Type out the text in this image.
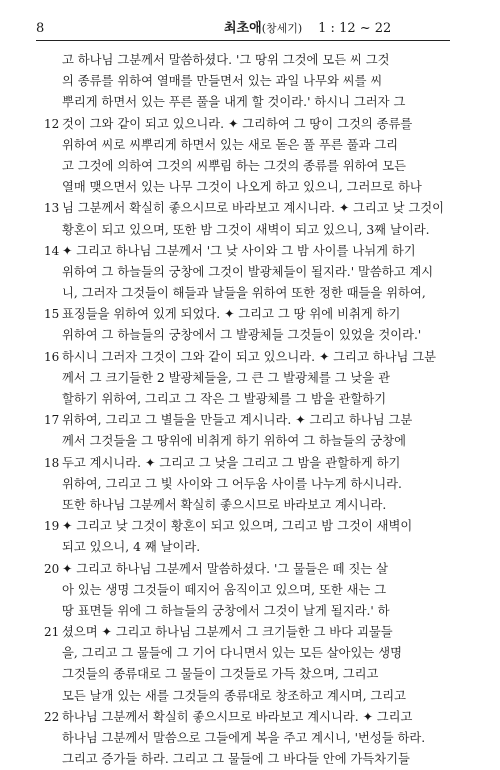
8	최초애(창세기) 1 : 12 ~ 22
고 하나님 그분께서 말씀하셨다. '그 땅위 그것에 모든 씨 그것
의 종류를 위하여 열매를 만들면서 있는 과일 나무와 씨를 씨
뿌리게 하면서 있는 푸른 풀을 내게 할 것이라.' 하시니 그러자 그
12 것이 그와 같이 되고 있으니라. ✦ 그리하여 그 땅이 그것의 종류를
위하여 씨로 씨뿌리게 하면서 있는 새로 돋은 풀 푸른 풀과 그리
고 그것에 의하여 그것의 씨뿌림 하는 그것의 종류를 위하여 모든
열매 맺으면서 있는 나무 그것이 나오게 하고 있으니, 그러므로 하나
13 님 그분께서 확실히 좋으시므로 바라보고 계시니라. ✦ 그리고 낮 그것이
황혼이 되고 있으며, 또한 밤 그것이 새벽이 되고 있으니, 3째 날이라.
14 ✦ 그리고 하나님 그분께서 '그 낮 사이와 그 밤 사이를 나뉘게 하기
위하여 그 하늘들의 궁창에 그것이 발광체들이 될지라.' 말씀하고 계시
니, 그러자 그것들이 해들과 날들을 위하여 또한 정한 때들을 위하여,
15 표징들을 위하여 있게 되었다. ✦ 그리고 그 땅 위에 비취게 하기
위하여 그 하늘들의 궁창에서 그 발광체들 그것들이 있었을 것이라.'
16 하시니 그러자 그것이 그와 같이 되고 있으니라. ✦ 그리고 하나님 그분
께서 그 크기들한 2 발광체들을, 그 큰 그 발광체를 그 낮을 관
할하기 위하여, 그리고 그 작은 그 발광체를 그 밤을 관할하기
17 위하여, 그리고 그 별들을 만들고 계시니라. ✦ 그리고 하나님 그분
께서 그것들을 그 땅위에 비취게 하기 위하여 그 하늘들의 궁창에
18 두고 계시니라. ✦ 그리고 그 낮을 그리고 그 밤을 관할하게 하기
위하여, 그리고 그 빛 사이와 그 어두움 사이를 나누게 하시니라.
또한 하나님 그분께서 확실히 좋으시므로 바라보고 계시니라.
19 ✦ 그리고 낮 그것이 황혼이 되고 있으며, 그리고 밤 그것이 새벽이
되고 있으니, 4 째 날이라.
20 ✦ 그리고 하나님 그분께서 말씀하셨다. '그 물들은 떼 짓는 살
아 있는 생명 그것들이 떼지어 움직이고 있으며, 또한 새는 그
땅 표면들 위에 그 하늘들의 궁창에서 그것이 날게 될지라.' 하
21 셨으며 ✦ 그리고 하나님 그분께서 그 크기들한 그 바다 괴물들
을, 그리고 그 물들에 그 기어 다니면서 있는 모든 살아있는 생명
그것들의 종류대로 그 물들이 그것들로 가득 찼으며, 그리고
모든 날개 있는 새를 그것들의 종류대로 창조하고 계시며, 그리고
22 하나님 그분께서 확실히 좋으시므로 바라보고 계시니라. ✦ 그리고
하나님 그분께서 말씀으로 그들에게 복을 주고 계시니, '번성들 하라.
그리고 증가들 하라. 그리고 그 물들에 그 바다들 안에 가득차기들
